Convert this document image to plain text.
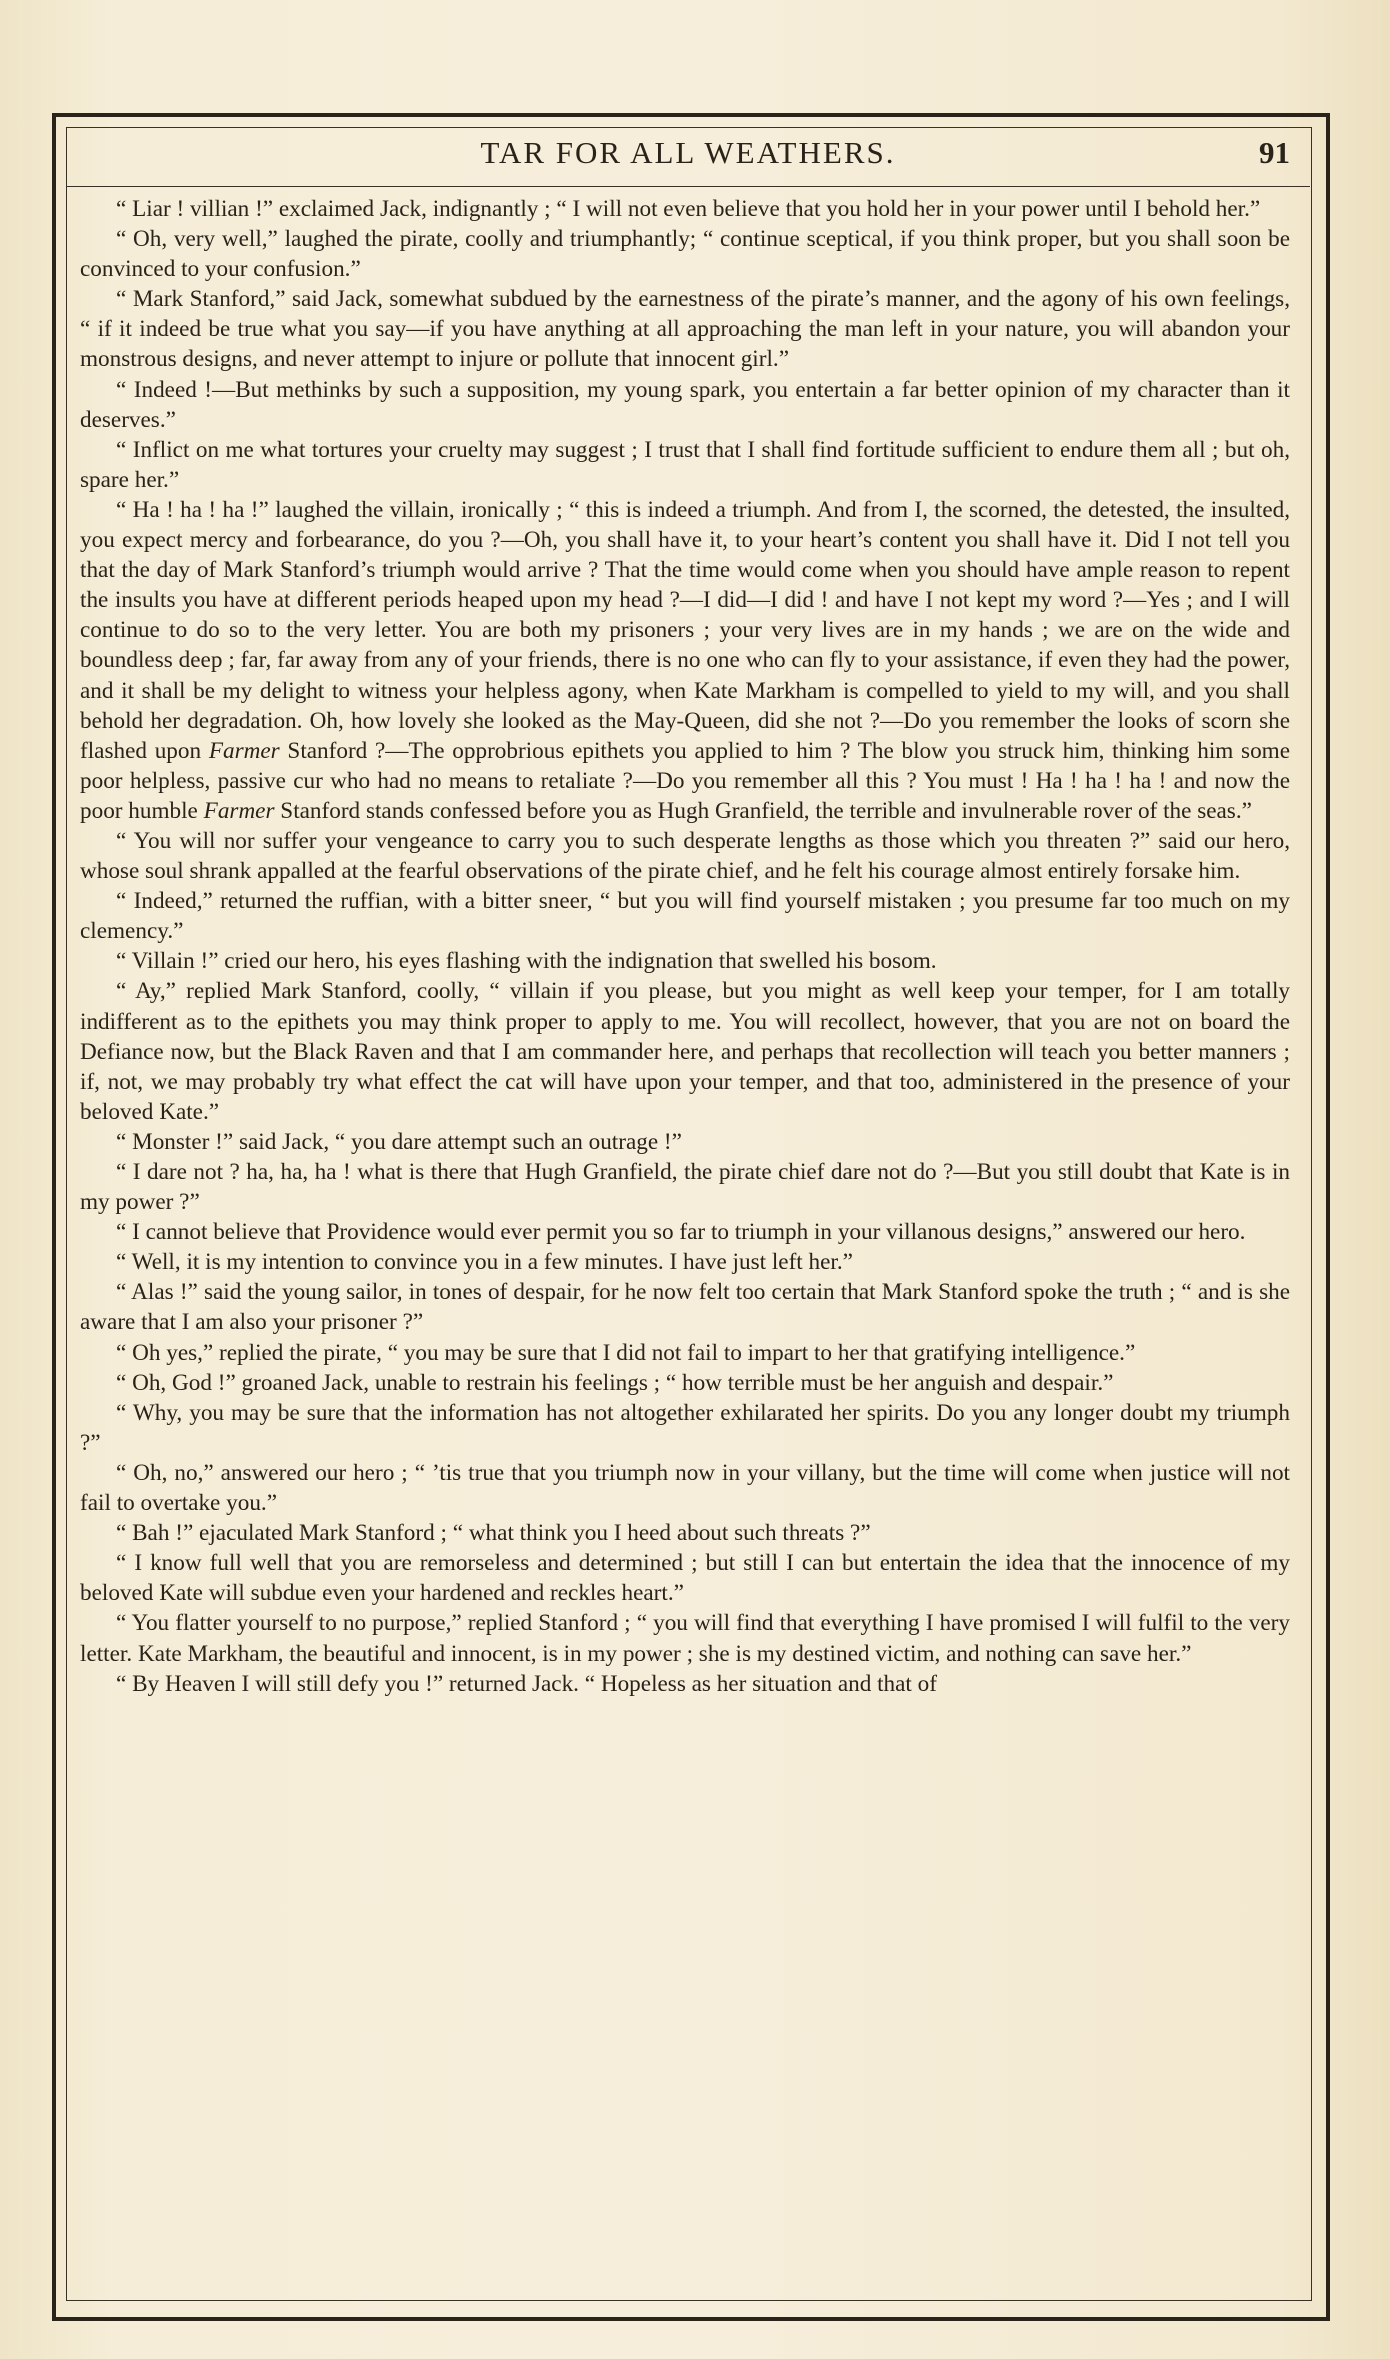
TAR FOR ALL WEATHERS.	91

“ Liar ! villian !” exclaimed Jack, indignantly ; “ I will not even believe that you hold her in your power until I behold her.”

“ Oh, very well,” laughed the pirate, coolly and triumphantly; “ continue sceptical, if you think proper, but you shall soon be convinced to your confusion.”

“ Mark Stanford,” said Jack, somewhat subdued by the earnestness of the pirate’s manner, and the agony of his own feelings, “ if it indeed be true what you say—if you have anything at all approaching the man left in your nature, you will abandon your monstrous designs, and never attempt to injure or pollute that innocent girl.”

“ Indeed !—But methinks by such a supposition, my young spark, you entertain a far better opinion of my character than it deserves.”

“ Inflict on me what tortures your cruelty may suggest ; I trust that I shall find fortitude sufficient to endure them all ; but oh, spare her.”

“ Ha ! ha ! ha !” laughed the villain, ironically ; “ this is indeed a triumph. And from I, the scorned, the detested, the insulted, you expect mercy and forbearance, do you ?—Oh, you shall have it, to your heart’s content you shall have it. Did I not tell you that the day of Mark Stanford’s triumph would arrive ? That the time would come when you should have ample reason to repent the insults you have at different periods heaped upon my head ?—I did—I did ! and have I not kept my word ?—Yes ; and I will continue to do so to the very letter. You are both my prisoners ; your very lives are in my hands ; we are on the wide and boundless deep ; far, far away from any of your friends, there is no one who can fly to your assistance, if even they had the power, and it shall be my delight to witness your helpless agony, when Kate Markham is compelled to yield to my will, and you shall behold her degradation. Oh, how lovely she looked as the May-Queen, did she not ?—Do you remember the looks of scorn she flashed upon Farmer Stanford ?—The opprobrious epithets you applied to him ? The blow you struck him, thinking him some poor helpless, passive cur who had no means to retaliate ?—Do you remember all this ? You must ! Ha ! ha ! ha ! and now the poor humble Farmer Stanford stands confessed before you as Hugh Granfield, the terrible and invulnerable rover of the seas.”

“ You will nor suffer your vengeance to carry you to such desperate lengths as those which you threaten ?” said our hero, whose soul shrank appalled at the fearful observations of the pirate chief, and he felt his courage almost entirely forsake him.

“ Indeed,” returned the ruffian, with a bitter sneer, “ but you will find yourself mistaken ; you presume far too much on my clemency.”

“ Villain !” cried our hero, his eyes flashing with the indignation that swelled his bosom.

“ Ay,” replied Mark Stanford, coolly, “ villain if you please, but you might as well keep your temper, for I am totally indifferent as to the epithets you may think proper to apply to me. You will recollect, however, that you are not on board the Defiance now, but the Black Raven and that I am commander here, and perhaps that recollection will teach you better manners ; if, not, we may probably try what effect the cat will have upon your temper, and that too, administered in the presence of your beloved Kate.”

“ Monster !” said Jack, “ you dare attempt such an outrage !”

“ I dare not ? ha, ha, ha ! what is there that Hugh Granfield, the pirate chief dare not do ?—But you still doubt that Kate is in my power ?”

“ I cannot believe that Providence would ever permit you so far to triumph in your villanous designs,” answered our hero.

“ Well, it is my intention to convince you in a few minutes. I have just left her.”

“ Alas !” said the young sailor, in tones of despair, for he now felt too certain that Mark Stanford spoke the truth ; “ and is she aware that I am also your prisoner ?”

“ Oh yes,” replied the pirate, “ you may be sure that I did not fail to impart to her that gratifying intelligence.”

“ Oh, God !” groaned Jack, unable to restrain his feelings ; “ how terrible must be her anguish and despair.”

“ Why, you may be sure that the information has not altogether exhilarated her spirits. Do you any longer doubt my triumph ?”

“ Oh, no,” answered our hero ; “ ’tis true that you triumph now in your villany, but the time will come when justice will not fail to overtake you.”

“ Bah !” ejaculated Mark Stanford ; “ what think you I heed about such threats ?”

“ I know full well that you are remorseless and determined ; but still I can but entertain the idea that the innocence of my beloved Kate will subdue even your hardened and reckles heart.”

“ You flatter yourself to no purpose,” replied Stanford ; “ you will find that everything I have promised I will fulfil to the very letter. Kate Markham, the beautiful and innocent, is in my power ; she is my destined victim, and nothing can save her.”

“ By Heaven I will still defy you !” returned Jack. “ Hopeless as her situation and that of
